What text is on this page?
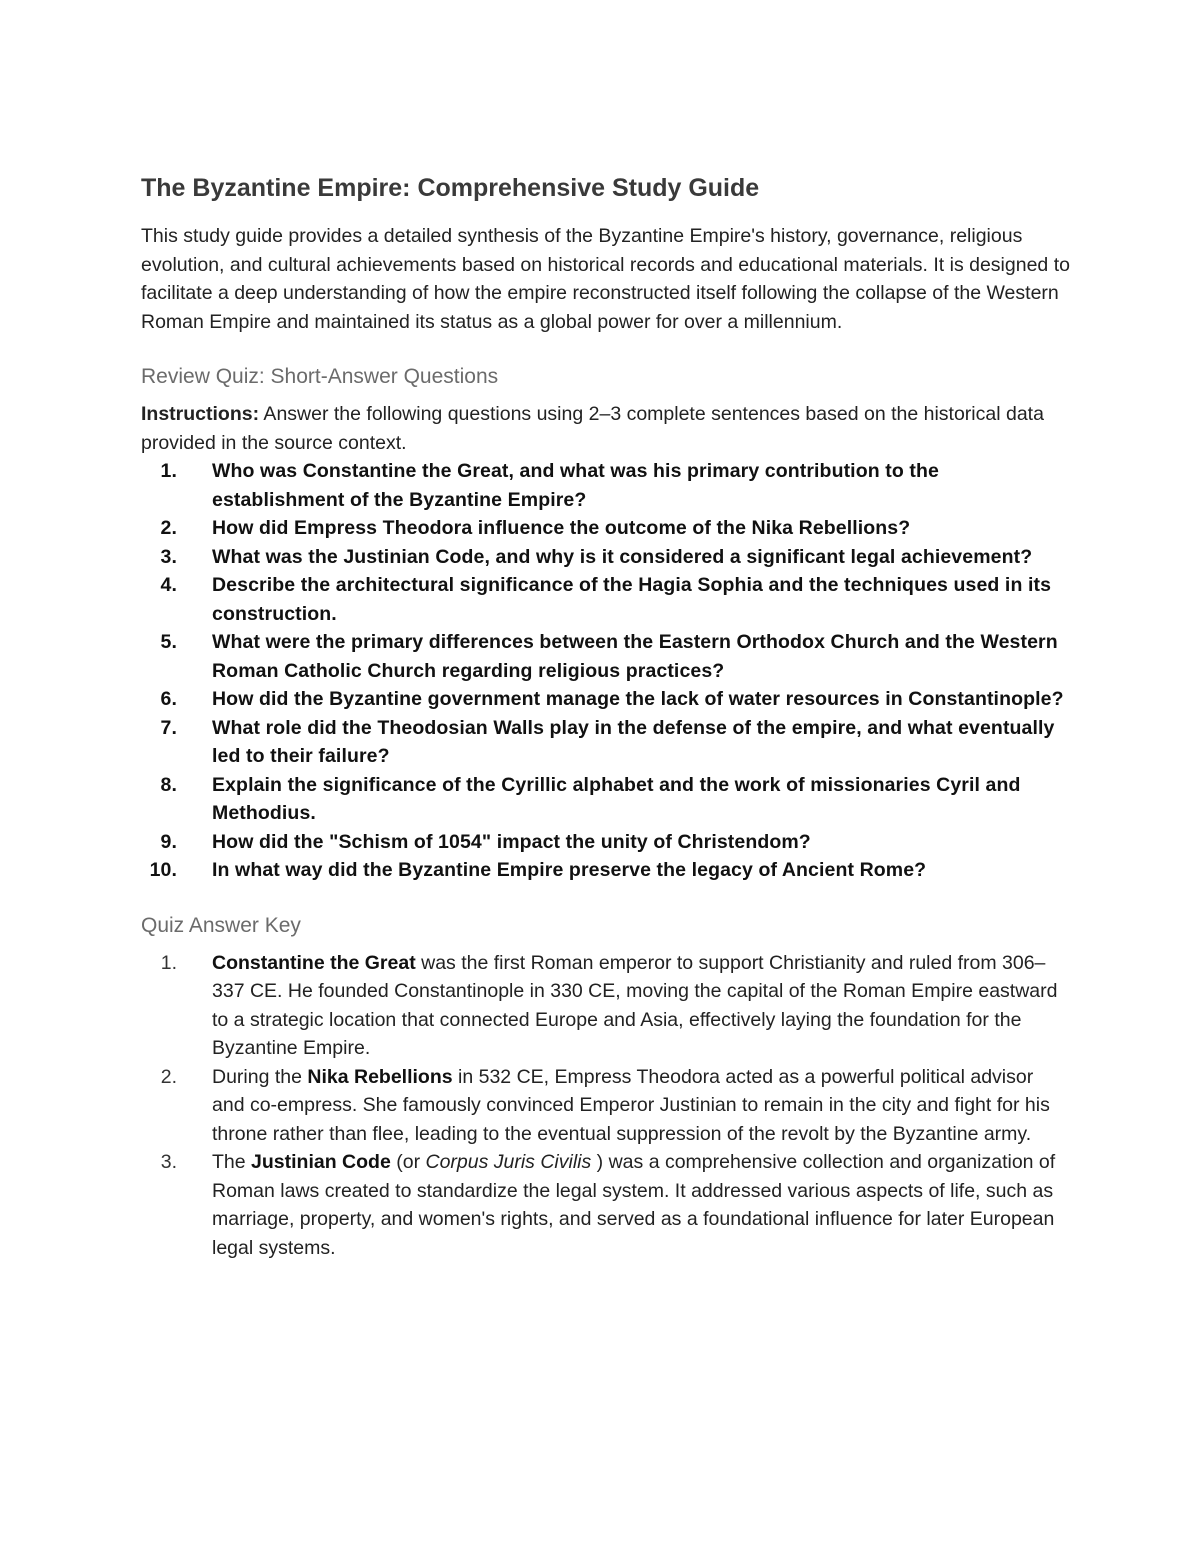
The Byzantine Empire: Comprehensive Study Guide

This study guide provides a detailed synthesis of the Byzantine Empire's history, governance, religious evolution, and cultural achievements based on historical records and educational materials. It is designed to facilitate a deep understanding of how the empire reconstructed itself following the collapse of the Western Roman Empire and maintained its status as a global power for over a millennium.

Review Quiz: Short-Answer Questions

Instructions: Answer the following questions using 2–3 complete sentences based on the historical data provided in the source context.

1. Who was Constantine the Great, and what was his primary contribution to the establishment of the Byzantine Empire?
2. How did Empress Theodora influence the outcome of the Nika Rebellions?
3. What was the Justinian Code, and why is it considered a significant legal achievement?
4. Describe the architectural significance of the Hagia Sophia and the techniques used in its construction.
5. What were the primary differences between the Eastern Orthodox Church and the Western Roman Catholic Church regarding religious practices?
6. How did the Byzantine government manage the lack of water resources in Constantinople?
7. What role did the Theodosian Walls play in the defense of the empire, and what eventually led to their failure?
8. Explain the significance of the Cyrillic alphabet and the work of missionaries Cyril and Methodius.
9. How did the "Schism of 1054" impact the unity of Christendom?
10. In what way did the Byzantine Empire preserve the legacy of Ancient Rome?
Quiz Answer Key
1. Constantine the Great was the first Roman emperor to support Christianity and ruled from 306–337 CE. He founded Constantinople in 330 CE, moving the capital of the Roman Empire eastward to a strategic location that connected Europe and Asia, effectively laying the foundation for the Byzantine Empire.
2. During the Nika Rebellions in 532 CE, Empress Theodora acted as a powerful political advisor and co-empress. She famously convinced Emperor Justinian to remain in the city and fight for his throne rather than flee, leading to the eventual suppression of the revolt by the Byzantine army.
3. The Justinian Code (or Corpus Juris Civilis ) was a comprehensive collection and organization of Roman laws created to standardize the legal system. It addressed various aspects of life, such as marriage, property, and women's rights, and served as a foundational influence for later European legal systems.
